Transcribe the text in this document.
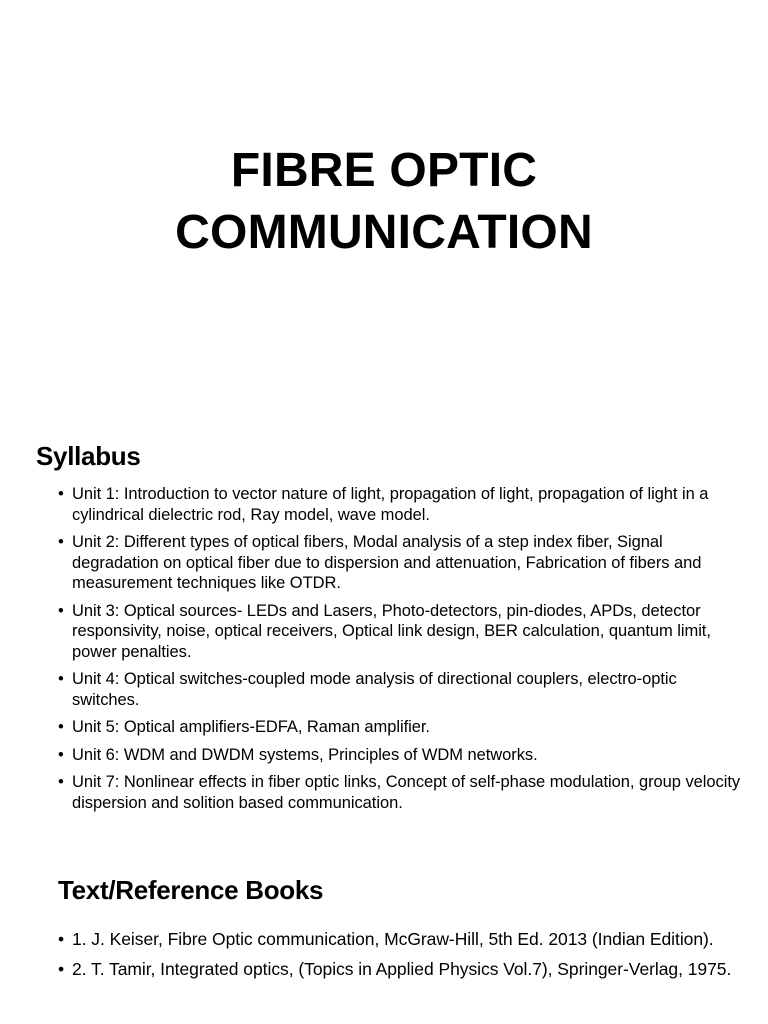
FIBRE OPTIC
COMMUNICATION
Syllabus
• Unit 1: Introduction to vector nature of light, propagation of light, propagation of light in a cylindrical dielectric rod, Ray model, wave model.
• Unit 2: Different types of optical fibers, Modal analysis of a step index fiber, Signal degradation on optical fiber due to dispersion and attenuation, Fabrication of fibers and measurement techniques like OTDR.
• Unit 3: Optical sources- LEDs and Lasers, Photo-detectors, pin-diodes, APDs, detector responsivity, noise, optical receivers, Optical link design, BER calculation, quantum limit, power penalties.
• Unit 4: Optical switches-coupled mode analysis of directional couplers, electro-optic switches.
• Unit 5: Optical amplifiers-EDFA, Raman amplifier.
• Unit 6: WDM and DWDM systems, Principles of WDM networks.
• Unit 7: Nonlinear effects in fiber optic links, Concept of self-phase modulation, group velocity dispersion and solition based communication.
Text/Reference Books
• 1. J. Keiser, Fibre Optic communication, McGraw-Hill, 5th Ed. 2013 (Indian Edition).
• 2. T. Tamir, Integrated optics, (Topics in Applied Physics Vol.7), Springer-Verlag, 1975.
